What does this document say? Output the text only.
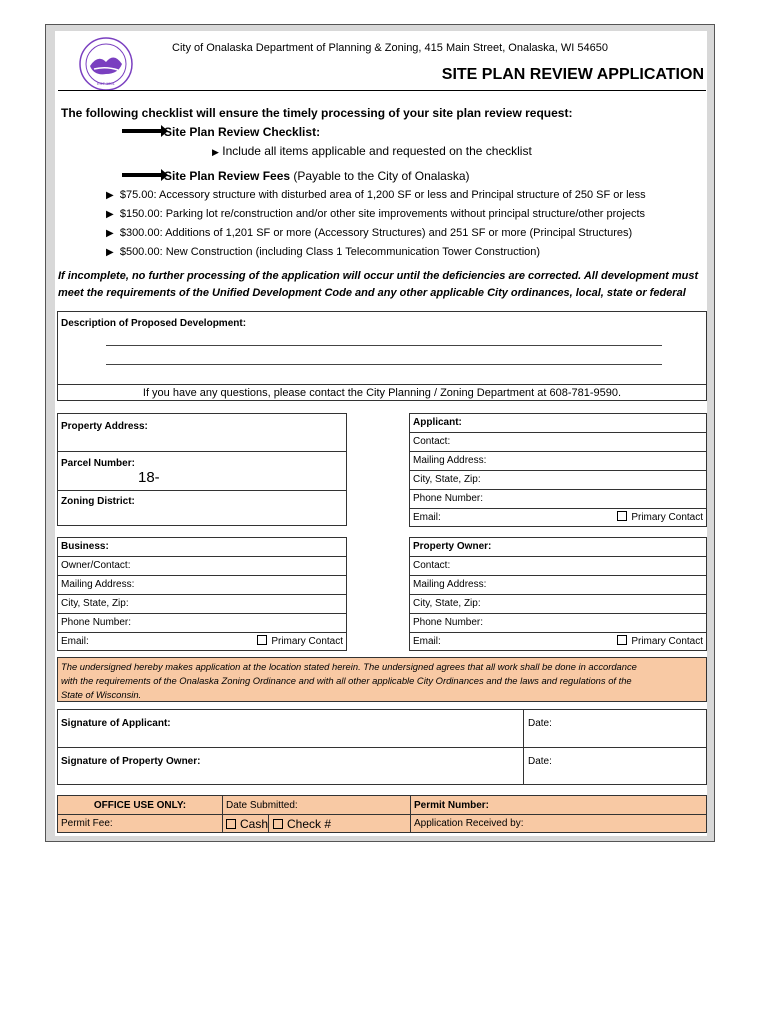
EST 1851
City of Onalaska Department of Planning & Zoning, 415 Main Street, Onalaska, WI 54650
SITE PLAN REVIEW APPLICATION
The following checklist will ensure the timely processing of your site plan review request:
Site Plan Review Checklist:
▶ Include all items applicable and requested on the checklist
Site Plan Review Fees (Payable to the City of Onalaska)
▶ $75.00: Accessory structure with disturbed area of 1,200 SF or less and Principal structure of 250 SF or less
▶ $150.00: Parking lot re/construction and/or other site improvements without principal structure/other projects
▶ $300.00: Additions of 1,201 SF or more (Accessory Structures) and 251 SF or more (Principal Structures)
▶ $500.00: New Construction (including Class 1 Telecommunication Tower Construction)
If incomplete, no further processing of the application will occur until the deficiencies are corrected. All development must
meet the requirements of the Unified Development Code and any other applicable City ordinances, local, state or federal
Description of Proposed Development:
If you have any questions, please contact the City Planning / Zoning Department at 608-781-9590.
Property Address:
Parcel Number:
18-
Zoning District:
Applicant:
Contact:
Mailing Address:
City, State, Zip:
Phone Number:
Email:	Primary Contact
Business:
Owner/Contact:
Mailing Address:
City, State, Zip:
Phone Number:
Email:	Primary Contact
Property Owner:
Contact:
Mailing Address:
City, State, Zip:
Phone Number:
Email:	Primary Contact
The undersigned hereby makes application at the location stated herein. The undersigned agrees that all work shall be done in accordance
with the requirements of the Onalaska Zoning Ordinance and with all other applicable City Ordinances and the laws and regulations of the
State of Wisconsin.
Signature of Applicant:	Date:
Signature of Property Owner:	Date:
OFFICE USE ONLY:	Date Submitted:	Permit Number:
Permit Fee:	Cash	Check #	Application Received by:
